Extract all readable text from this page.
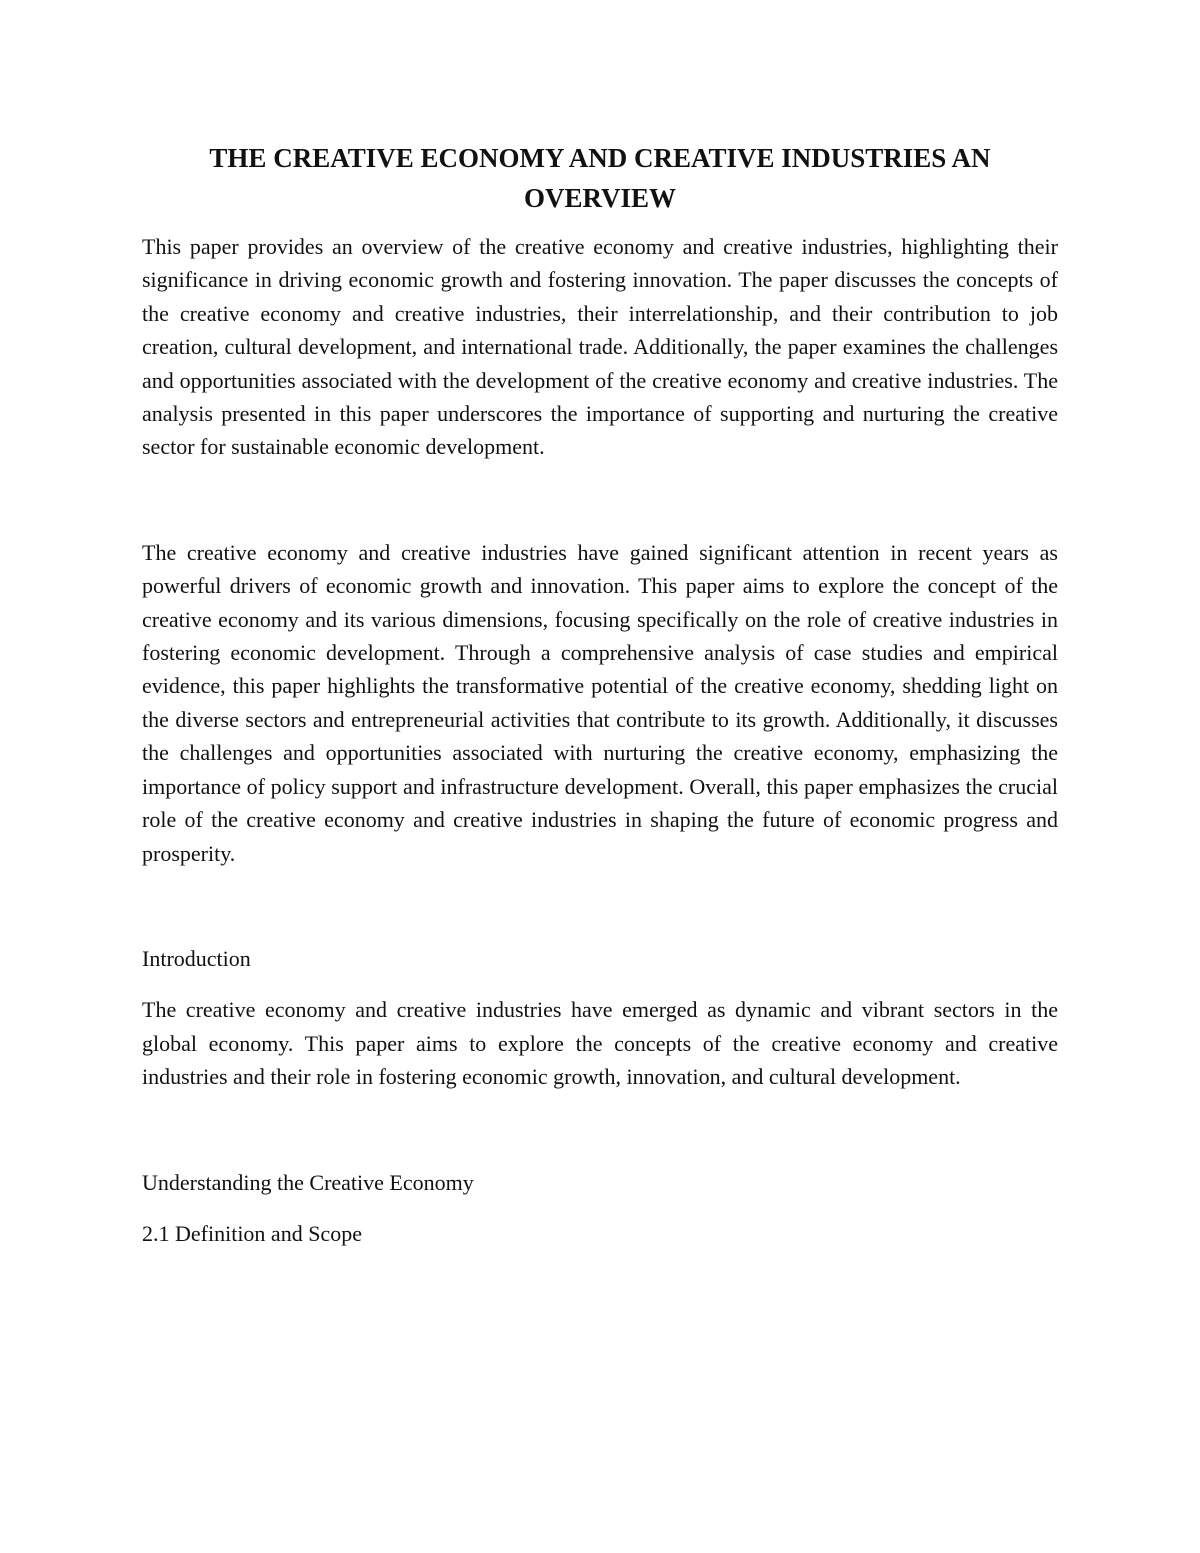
THE CREATIVE ECONOMY AND CREATIVE INDUSTRIES AN OVERVIEW

This paper provides an overview of the creative economy and creative industries, highlighting their significance in driving economic growth and fostering innovation. The paper discusses the concepts of the creative economy and creative industries, their interrelationship, and their contribution to job creation, cultural development, and international trade. Additionally, the paper examines the challenges and opportunities associated with the development of the creative economy and creative industries. The analysis presented in this paper underscores the importance of supporting and nurturing the creative sector for sustainable economic development.

The creative economy and creative industries have gained significant attention in recent years as powerful drivers of economic growth and innovation. This paper aims to explore the concept of the creative economy and its various dimensions, focusing specifically on the role of creative industries in fostering economic development. Through a comprehensive analysis of case studies and empirical evidence, this paper highlights the transformative potential of the creative economy, shedding light on the diverse sectors and entrepreneurial activities that contribute to its growth. Additionally, it discusses the challenges and opportunities associated with nurturing the creative economy, emphasizing the importance of policy support and infrastructure development. Overall, this paper emphasizes the crucial role of the creative economy and creative industries in shaping the future of economic progress and prosperity.

Introduction

The creative economy and creative industries have emerged as dynamic and vibrant sectors in the global economy. This paper aims to explore the concepts of the creative economy and creative industries and their role in fostering economic growth, innovation, and cultural development.

Understanding the Creative Economy
2.1 Definition and Scope
